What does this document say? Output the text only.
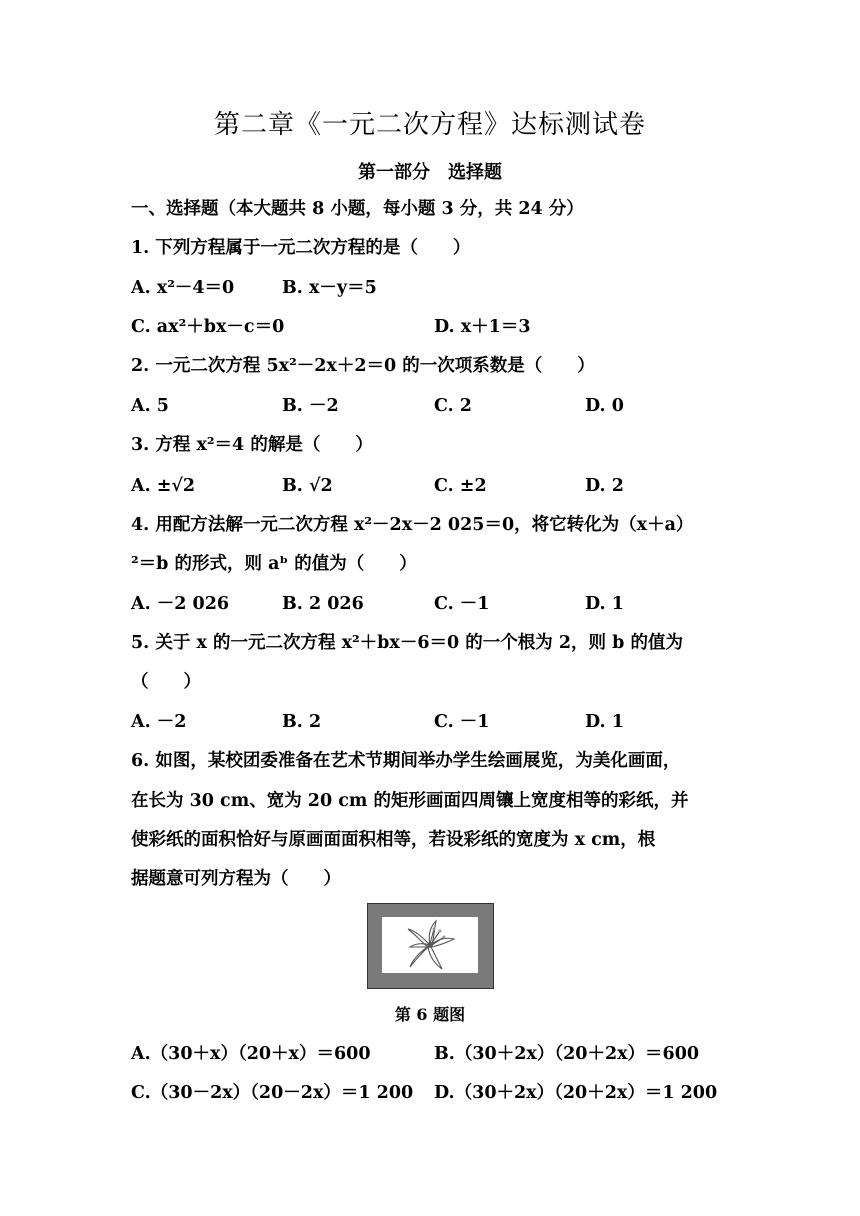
第二章《一元二次方程》达标测试卷
第一部分　选择题
一、选择题（本大题共 8 小题，每小题 3 分，共 24 分）
1. 下列方程属于一元二次方程的是（　　）
A. x²－4＝0	B. x－y＝5
C. ax²＋bx－c＝0	D. x＋1＝3
2. 一元二次方程 5x²－2x＋2＝0 的一次项系数是（　　）
A. 5	B. －2	C. 2	D. 0
3. 方程 x²＝4 的解是（　　）
A. ±√2	B. √2	C. ±2	D. 2
4. 用配方法解一元二次方程 x²－2x－2 025＝0，将它转化为（x＋a）
²＝b 的形式，则 aᵇ 的值为（　　）
A. －2 026	B. 2 026	C. －1	D. 1
5. 关于 x 的一元二次方程 x²＋bx－6＝0 的一个根为 2，则 b 的值为
（　　）
A. －2	B. 2	C. －1	D. 1
6. 如图，某校团委准备在艺术节期间举办学生绘画展览，为美化画面，
在长为 30 cm、宽为 20 cm 的矩形画面四周镶上宽度相等的彩纸，并
使彩纸的面积恰好与原画面面积相等，若设彩纸的宽度为 x cm，根
据题意可列方程为（　　）
第 6 题图
A.（30＋x）（20＋x）＝600	B.（30＋2x）（20＋2x）＝600
C.（30－2x）（20－2x）＝1 200 D.（30＋2x）（20＋2x）＝1 200
